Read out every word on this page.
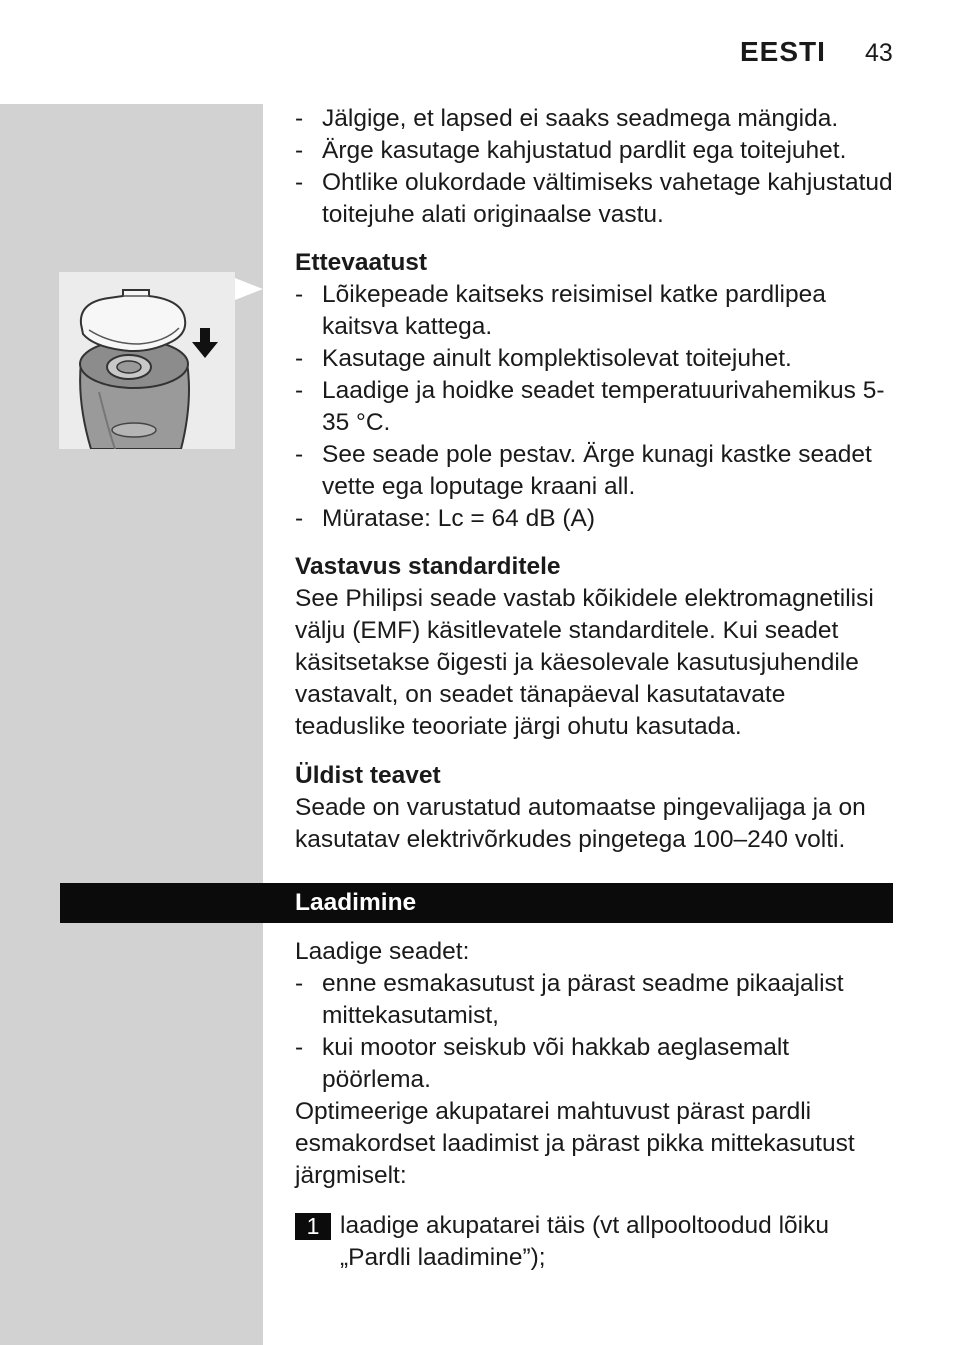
EESTI 43
- Jälgige, et lapsed ei saaks seadmega mängida.
- Ärge kasutage kahjustatud pardlit ega toitejuhet.
- Ohtlike olukordade vältimiseks vahetage kahjustatud toitejuhe alati originaalse vastu.
Ettevaatust
- Lõikepeade kaitseks reisimisel katke pardlipea kaitsva kattega.
- Kasutage ainult komplektisolevat toitejuhet.
- Laadige ja hoidke seadet temperatuurivahemikus 5-35 °C.
- See seade pole pestav. Ärge kunagi kastke seadet vette ega loputage kraani all.
- Müratase: Lc = 64 dB (A)
Vastavus standarditele

See Philipsi seade vastab kõikidele elektromagnetilisi välju (EMF) käsitlevatele standarditele. Kui seadet käsitsetakse õigesti ja käesolevale kasutusjuhendile vastavalt, on seadet tänapäeval kasutatavate teaduslike teooriate järgi ohutu kasutada.

Üldist teavet

Seade on varustatud automaatse pingevalijaga ja on kasutatav elektrivõrkudes pingetega 100–240 volti.

Laadimine

Laadige seadet:

- enne esmakasutust ja pärast seadme pikaajalist mittekasutamist,
- kui mootor seiskub või hakkab aeglasemalt pöörlema.

Optimeerige akupatarei mahtuvust pärast pardli esmakordset laadimist ja pärast pikka mittekasutust järgmiselt:

1 laadige akupatarei täis (vt allpooltoodud lõiku „Pardli laadimine”);
